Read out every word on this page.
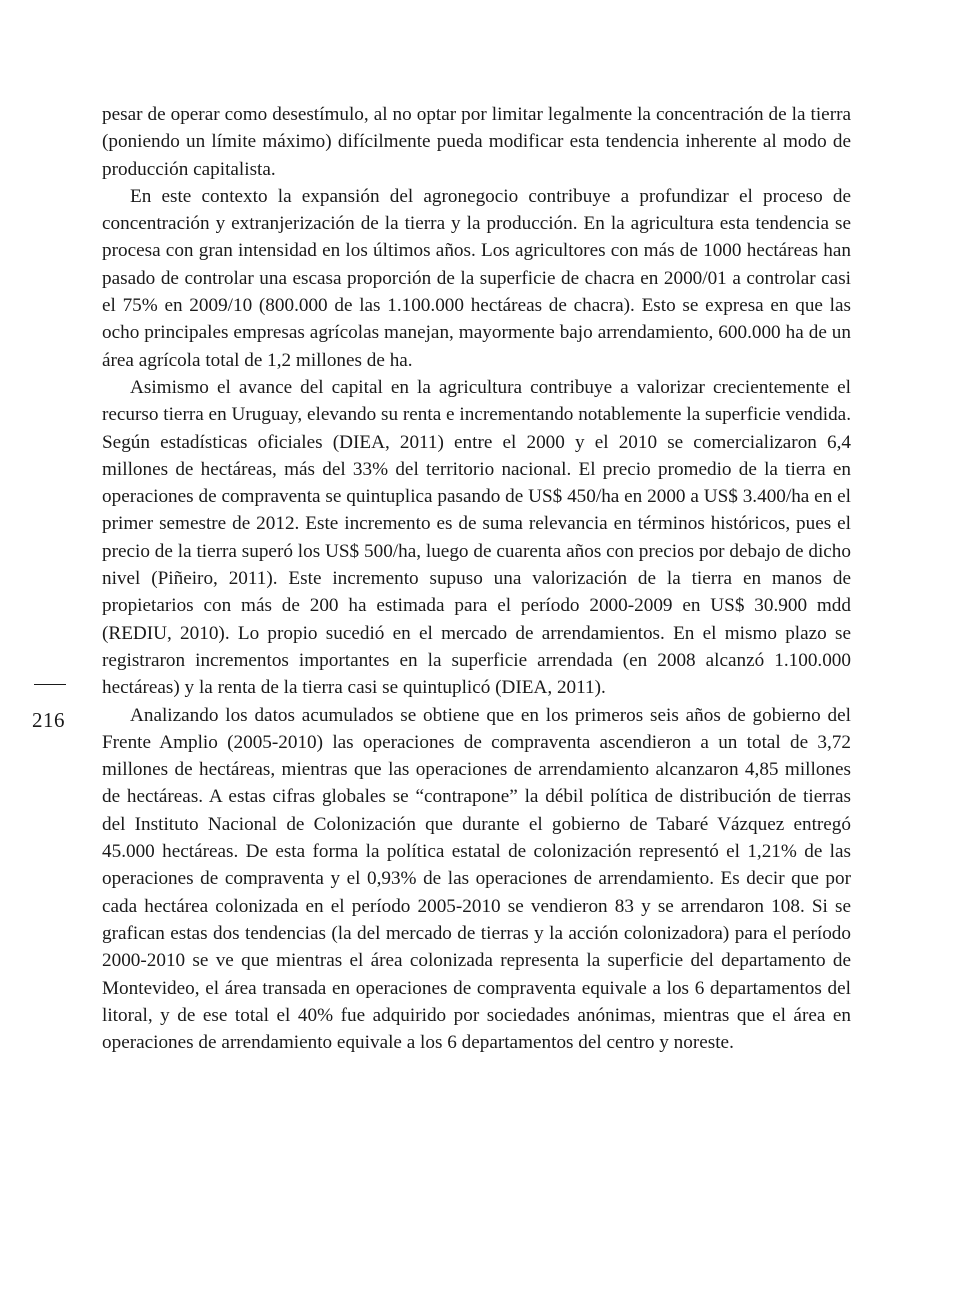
216

pesar de operar como desestímulo, al no optar por limitar legalmente la concentración de la tierra (poniendo un límite máximo) difícilmente pueda modificar esta tendencia inherente al modo de producción capitalista.

En este contexto la expansión del agronegocio contribuye a profundizar el proceso de concentración y extranjerización de la tierra y la producción. En la agricultura esta tendencia se procesa con gran intensidad en los últimos años. Los agricultores con más de 1000 hectáreas han pasado de controlar una escasa proporción de la superficie de chacra en 2000/01 a controlar casi el 75% en 2009/10 (800.000 de las 1.100.000 hectáreas de chacra). Esto se expresa en que las ocho principales empresas agrícolas manejan, mayormente bajo arrendamiento, 600.000 ha de un área agrícola total de 1,2 millones de ha.

Asimismo el avance del capital en la agricultura contribuye a valorizar crecientemente el recurso tierra en Uruguay, elevando su renta e incrementando notablemente la superficie vendida. Según estadísticas oficiales (DIEA, 2011) entre el 2000 y el 2010 se comercializaron 6,4 millones de hectáreas, más del 33% del territorio nacional. El precio promedio de la tierra en operaciones de compraventa se quintuplica pasando de US$ 450/ha en 2000 a US$ 3.400/ha en el primer semestre de 2012. Este incremento es de suma relevancia en términos históricos, pues el precio de la tierra superó los US$ 500/ha, luego de cuarenta años con precios por debajo de dicho nivel (Piñeiro, 2011). Este incremento supuso una valorización de la tierra en manos de propietarios con más de 200 ha estimada para el período 2000-2009 en US$ 30.900 mdd (REDIU, 2010). Lo propio sucedió en el mercado de arrendamientos. En el mismo plazo se registraron incrementos importantes en la superficie arrendada (en 2008 alcanzó 1.100.000 hectáreas) y la renta de la tierra casi se quintuplicó (DIEA, 2011).

Analizando los datos acumulados se obtiene que en los primeros seis años de gobierno del Frente Amplio (2005-2010) las operaciones de compraventa ascendieron a un total de 3,72 millones de hectáreas, mientras que las operaciones de arrendamiento alcanzaron 4,85 millones de hectáreas. A estas cifras globales se “contrapone” la débil política de distribución de tierras del Instituto Nacional de Colonización que durante el gobierno de Tabaré Vázquez entregó 45.000 hectáreas. De esta forma la política estatal de colonización representó el 1,21% de las operaciones de compraventa y el 0,93% de las operaciones de arrendamiento. Es decir que por cada hectárea colonizada en el período 2005-2010 se vendieron 83 y se arrendaron 108. Si se grafican estas dos tendencias (la del mercado de tierras y la acción colonizadora) para el período 2000-2010 se ve que mientras el área colonizada representa la superficie del departamento de Montevideo, el área transada en operaciones de compraventa equivale a los 6 departamentos del litoral, y de ese total el 40% fue adquirido por sociedades anónimas, mientras que el área en operaciones de arrendamiento equivale a los 6 departamentos del centro y noreste.
